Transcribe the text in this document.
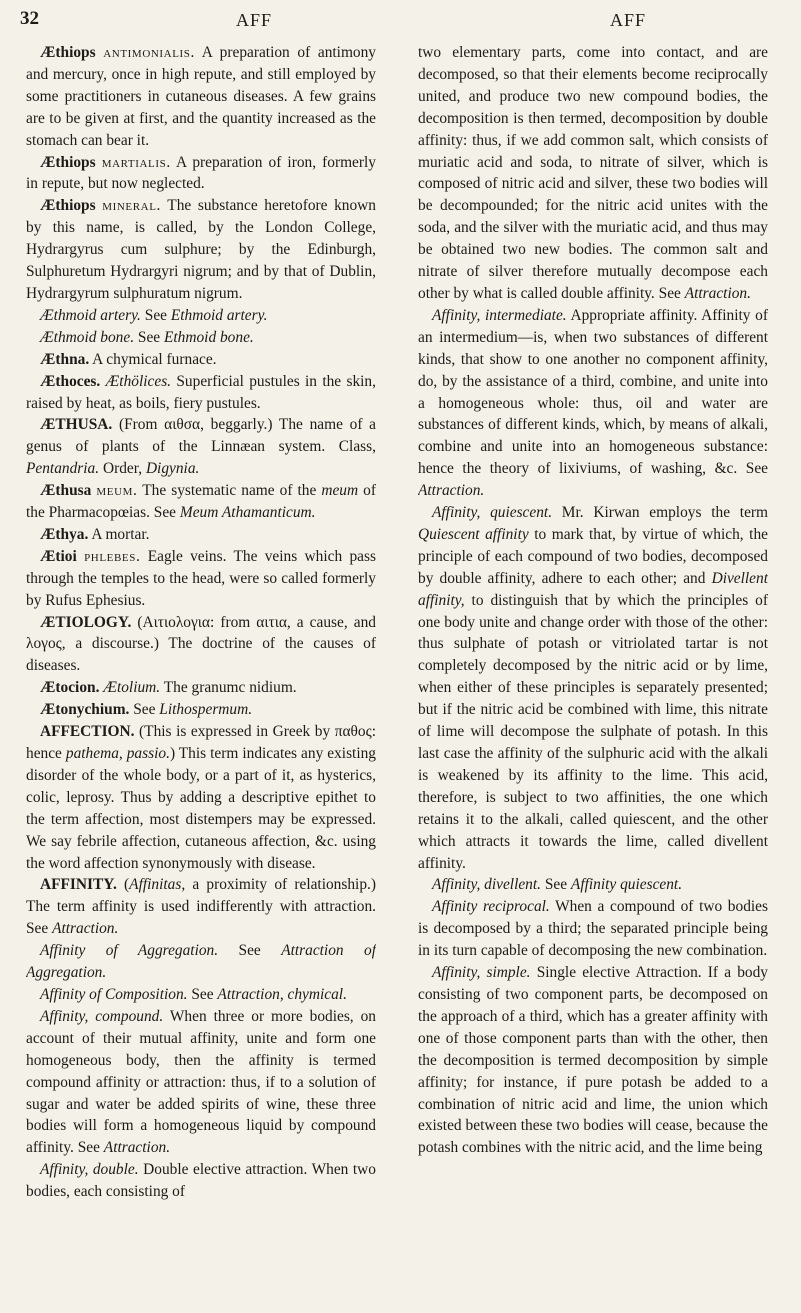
32	AFF	AFF

Æthiops antimonialis. A preparation of antimony and mercury, once in high repute, and still employed by some practitioners in cutaneous diseases. A few grains are to be given at first, and the quantity increased as the stomach can bear it.

Æthiops martialis. A preparation of iron, formerly in repute, but now neglected.

Æthiops mineral. The substance heretofore known by this name, is called, by the London College, Hydrargyrus cum sulphure; by the Edinburgh, Sulphuretum Hydrargyri nigrum; and by that of Dublin, Hydrargyrum sulphuratum nigrum.

Æthmoid artery. See Ethmoid artery.

Æthmoid bone. See Ethmoid bone.

Æthna. A chymical furnace.

Æthoces. Æthölices. Superficial pustules in the skin, raised by heat, as boils, fiery pustules.

ÆTHUSA. (From αιθσα, beggarly.) The name of a genus of plants of the Linnæan system. Class, Pentandria. Order, Digynia.

Æthusa meum. The systematic name of the meum of the Pharmacopœias. See Meum Athamanticum.

Æthya. A mortar.

Ætioi phlebes. Eagle veins. The veins which pass through the temples to the head, were so called formerly by Rufus Ephesius.

ÆTIOLOGY. (Αιτιολογια: from αιτια, a cause, and λογος, a discourse.) The doctrine of the causes of diseases.

Ætocion. Ætolium. The granumc nidium.

Ætonychium. See Lithospermum.

AFFECTION. (This is expressed in Greek by παθος: hence pathema, passio.) This term indicates any existing disorder of the whole body, or a part of it, as hysterics, colic, leprosy. Thus by adding a descriptive epithet to the term affection, most distempers may be expressed. We say febrile affection, cutaneous affection, &c. using the word affection synonymously with disease.

AFFINITY. (Affinitas, a proximity of relationship.) The term affinity is used indifferently with attraction. See Attraction.

Affinity of Aggregation. See Attraction of Aggregation.

Affinity of Composition. See Attraction, chymical.

Affinity, compound. When three or more bodies, on account of their mutual affinity, unite and form one homogeneous body, then the affinity is termed compound affinity or attraction: thus, if to a solution of sugar and water be added spirits of wine, these three bodies will form a homogeneous liquid by compound affinity. See Attraction.

Affinity, double. Double elective attraction. When two bodies, each consisting of

two elementary parts, come into contact, and are decomposed, so that their elements become reciprocally united, and produce two new compound bodies, the decomposition is then termed, decomposition by double affinity: thus, if we add common salt, which consists of muriatic acid and soda, to nitrate of silver, which is composed of nitric acid and silver, these two bodies will be decompounded; for the nitric acid unites with the soda, and the silver with the muriatic acid, and thus may be obtained two new bodies. The common salt and nitrate of silver therefore mutually decompose each other by what is called double affinity. See Attraction.

Affinity, intermediate. Appropriate affinity. Affinity of an intermedium—is, when two substances of different kinds, that show to one another no component affinity, do, by the assistance of a third, combine, and unite into a homogeneous whole: thus, oil and water are substances of different kinds, which, by means of alkali, combine and unite into an homogeneous substance: hence the theory of lixiviums, of washing, &c. See Attraction.

Affinity, quiescent. Mr. Kirwan employs the term Quiescent affinity to mark that, by virtue of which, the principle of each compound of two bodies, decomposed by double affinity, adhere to each other; and Divellent affinity, to distinguish that by which the principles of one body unite and change order with those of the other: thus sulphate of potash or vitriolated tartar is not completely decomposed by the nitric acid or by lime, when either of these principles is separately presented; but if the nitric acid be combined with lime, this nitrate of lime will decompose the sulphate of potash. In this last case the affinity of the sulphuric acid with the alkali is weakened by its affinity to the lime. This acid, therefore, is subject to two affinities, the one which retains it to the alkali, called quiescent, and the other which attracts it towards the lime, called divellent affinity.

Affinity, divellent. See Affinity quiescent.

Affinity reciprocal. When a compound of two bodies is decomposed by a third; the separated principle being in its turn capable of decomposing the new combination.

Affinity, simple. Single elective Attraction. If a body consisting of two component parts, be decomposed on the approach of a third, which has a greater affinity with one of those component parts than with the other, then the decomposition is termed decomposition by simple affinity; for instance, if pure potash be added to a combination of nitric acid and lime, the union which existed between these two bodies will cease, because the potash combines with the nitric acid, and the lime being
